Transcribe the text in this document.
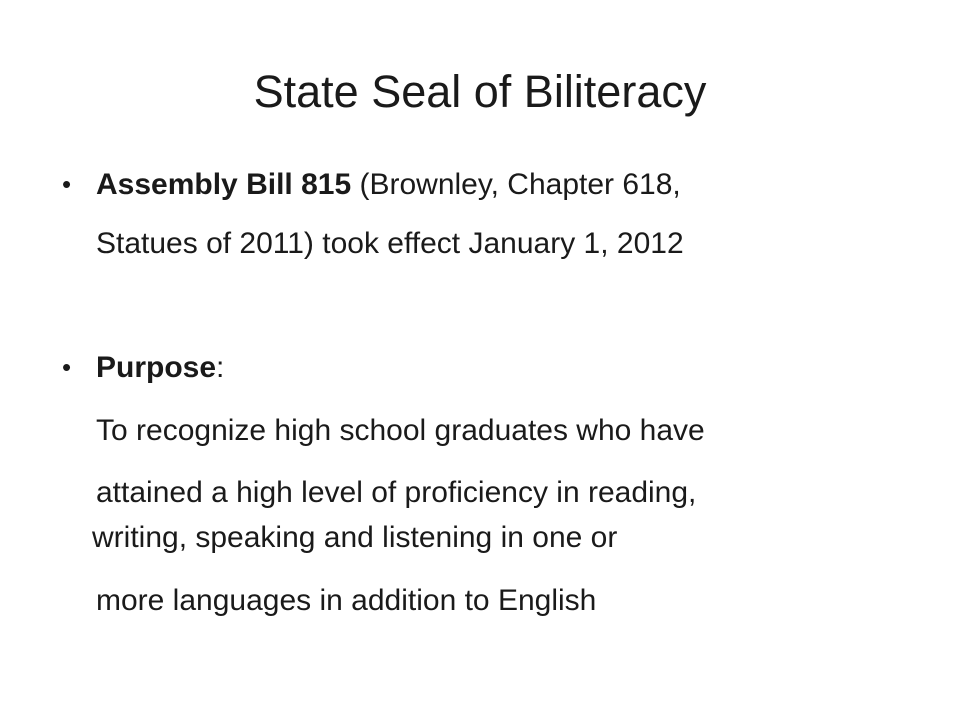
State Seal of Biliteracy
• Assembly Bill 815 (Brownley, Chapter 618,
Statues of 2011) took effect January 1, 2012
• Purpose:
To recognize high school graduates who have
attained a high level of proficiency in reading,
writing, speaking and listening in one or
more languages in addition to English
